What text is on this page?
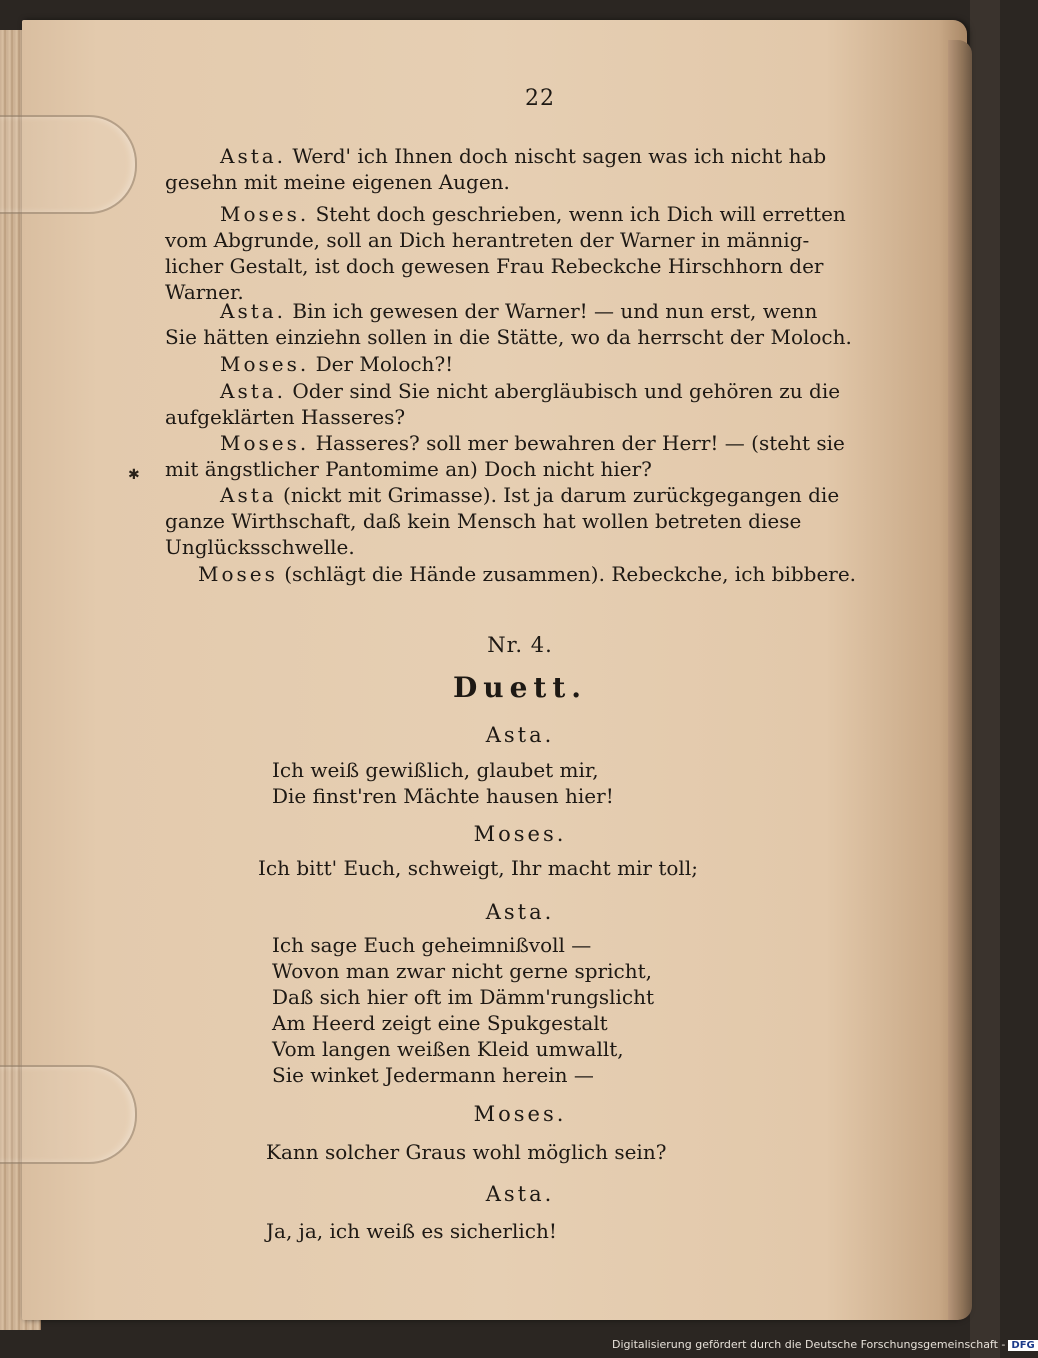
22
Asta. Werd' ich Ihnen doch nischt sagen was ich nicht hab
gesehn mit meine eigenen Augen.
Moses. Steht doch geschrieben, wenn ich Dich will erretten
vom Abgrunde, soll an Dich herantreten der Warner in männig-
licher Gestalt, ist doch gewesen Frau Rebeckche Hirschhorn der
Warner.
Asta. Bin ich gewesen der Warner! — und nun erst, wenn
Sie hätten einziehn sollen in die Stätte, wo da herrscht der Moloch.
Moses. Der Moloch?!
Asta. Oder sind Sie nicht abergläubisch und gehören zu die
aufgeklärten Hasseres?
Moses. Hasseres? soll mer bewahren der Herr! — (steht sie
mit ängstlicher Pantomime an) Doch nicht hier?
✱
Asta (nickt mit Grimasse). Ist ja darum zurückgegangen die
ganze Wirthschaft, daß kein Mensch hat wollen betreten diese
Unglücksschwelle.
Moses (schlägt die Hände zusammen). Rebeckche, ich bibbere.
Nr. 4.
Duett.
Asta.
Ich weiß gewißlich, glaubet mir,
Die finst'ren Mächte hausen hier!
Moses.
Ich bitt' Euch, schweigt, Ihr macht mir toll;
Asta.
Ich sage Euch geheimnißvoll —
Wovon man zwar nicht gerne spricht,
Daß sich hier oft im Dämm'rungslicht
Am Heerd zeigt eine Spukgestalt
Vom langen weißen Kleid umwallt,
Sie winket Jedermann herein —
Moses.
Kann solcher Graus wohl möglich sein?
Asta.
Ja, ja, ich weiß es sicherlich!
Digitalisierung gefördert durch die Deutsche Forschungsgemeinschaft - DFG
